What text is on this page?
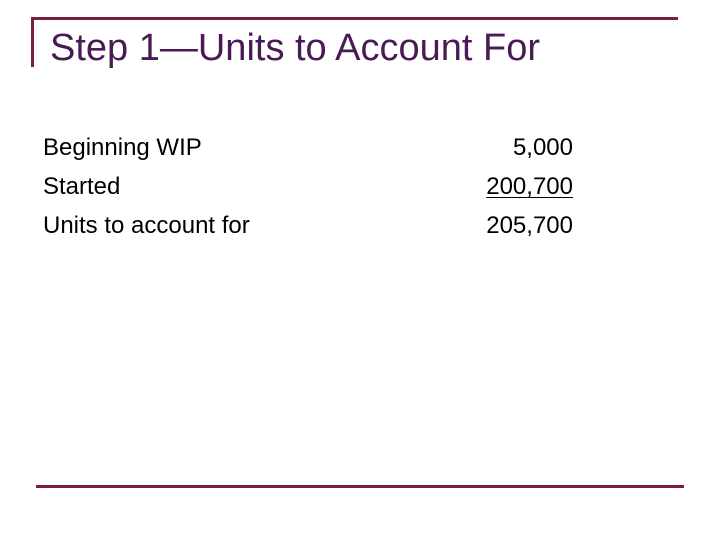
Step 1—Units to Account For
Beginning WIP	5,000
Started	200,700
Units to account for	205,700
